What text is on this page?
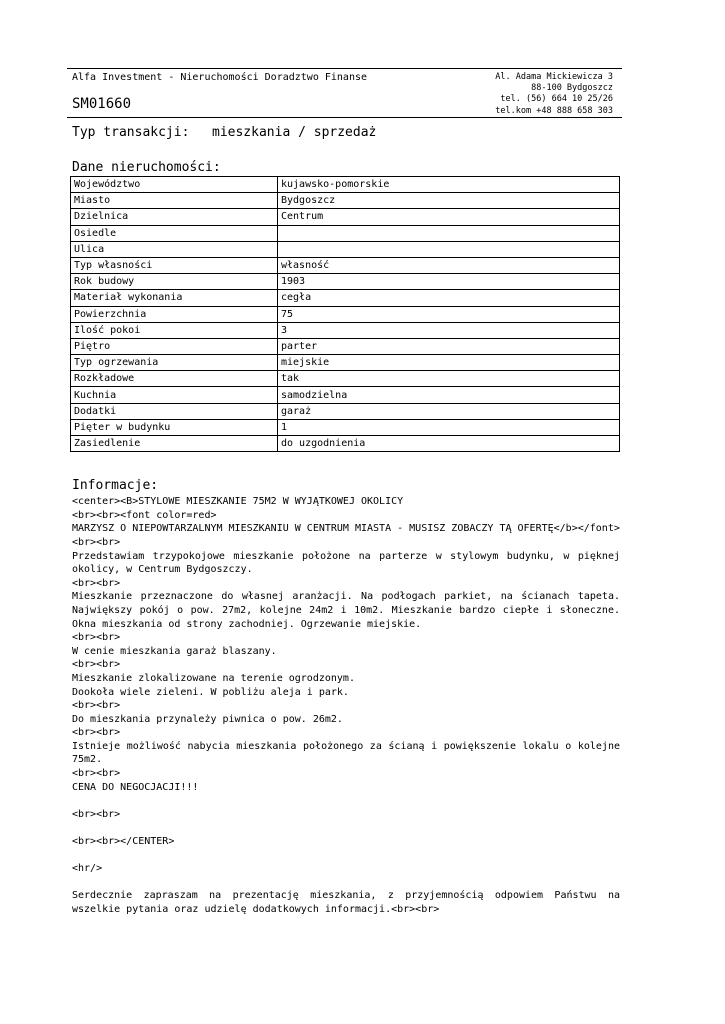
Alfa Investment - Nieruchomości Doradztwo Finanse
SM01660
Al. Adama Mickiewicza 3
88-100 Bydgoszcz
tel. (56) 664 10 25/26
tel.kom +48 888 658 303
Typ transakcji: mieszkania / sprzedaż
Dane nieruchomości:
Województwo	kujawsko-pomorskie
Miasto	Bydgoszcz
Dzielnica	Centrum
Osiedle	
Ulica	
Typ własności	własność
Rok budowy	1903
Materiał wykonania	cegła
Powierzchnia	75
Ilość pokoi	3
Piętro	parter
Typ ogrzewania	miejskie
Rozkładowe	tak
Kuchnia	samodzielna
Dodatki	garaż
Pięter w budynku	1
Zasiedlenie	do uzgodnienia
Informacje:

<center><B>STYLOWE MIESZKANIE 75M2 W WYJĄTKOWEJ OKOLICY

<br><br><font color=red>

MARZYSZ O NIEPOWTARZALNYM MIESZKANIU W CENTRUM MIASTA - MUSISZ ZOBACZY TĄ OFERTĘ</b></font>

<br><br>

Przedstawiam trzypokojowe mieszkanie położone na parterze w stylowym budynku, w pięknej okolicy, w Centrum Bydgoszczy.

<br><br>

Mieszkanie przeznaczone do własnej aranżacji. Na podłogach parkiet, na ścianach tapeta. Największy pokój o pow. 27m2, kolejne 24m2 i 10m2. Mieszkanie bardzo ciepłe i słoneczne. Okna mieszkania od strony zachodniej. Ogrzewanie miejskie.

<br><br>

W cenie mieszkania garaż blaszany.

<br><br>

Mieszkanie zlokalizowane na terenie ogrodzonym.

Dookoła wiele zieleni. W pobliżu aleja i park.

<br><br>

Do mieszkania przynależy piwnica o pow. 26m2.

<br><br>

Istnieje możliwość nabycia mieszkania położonego za ścianą i powiększenie lokalu o kolejne 75m2.

<br><br>

CENA DO NEGOCJACJI!!!

<br><br>

<br><br></CENTER>

<hr/>

Serdecznie zapraszam na prezentację mieszkania, z przyjemnością odpowiem Państwu na wszelkie pytania oraz udzielę dodatkowych informacji.<br><br>
